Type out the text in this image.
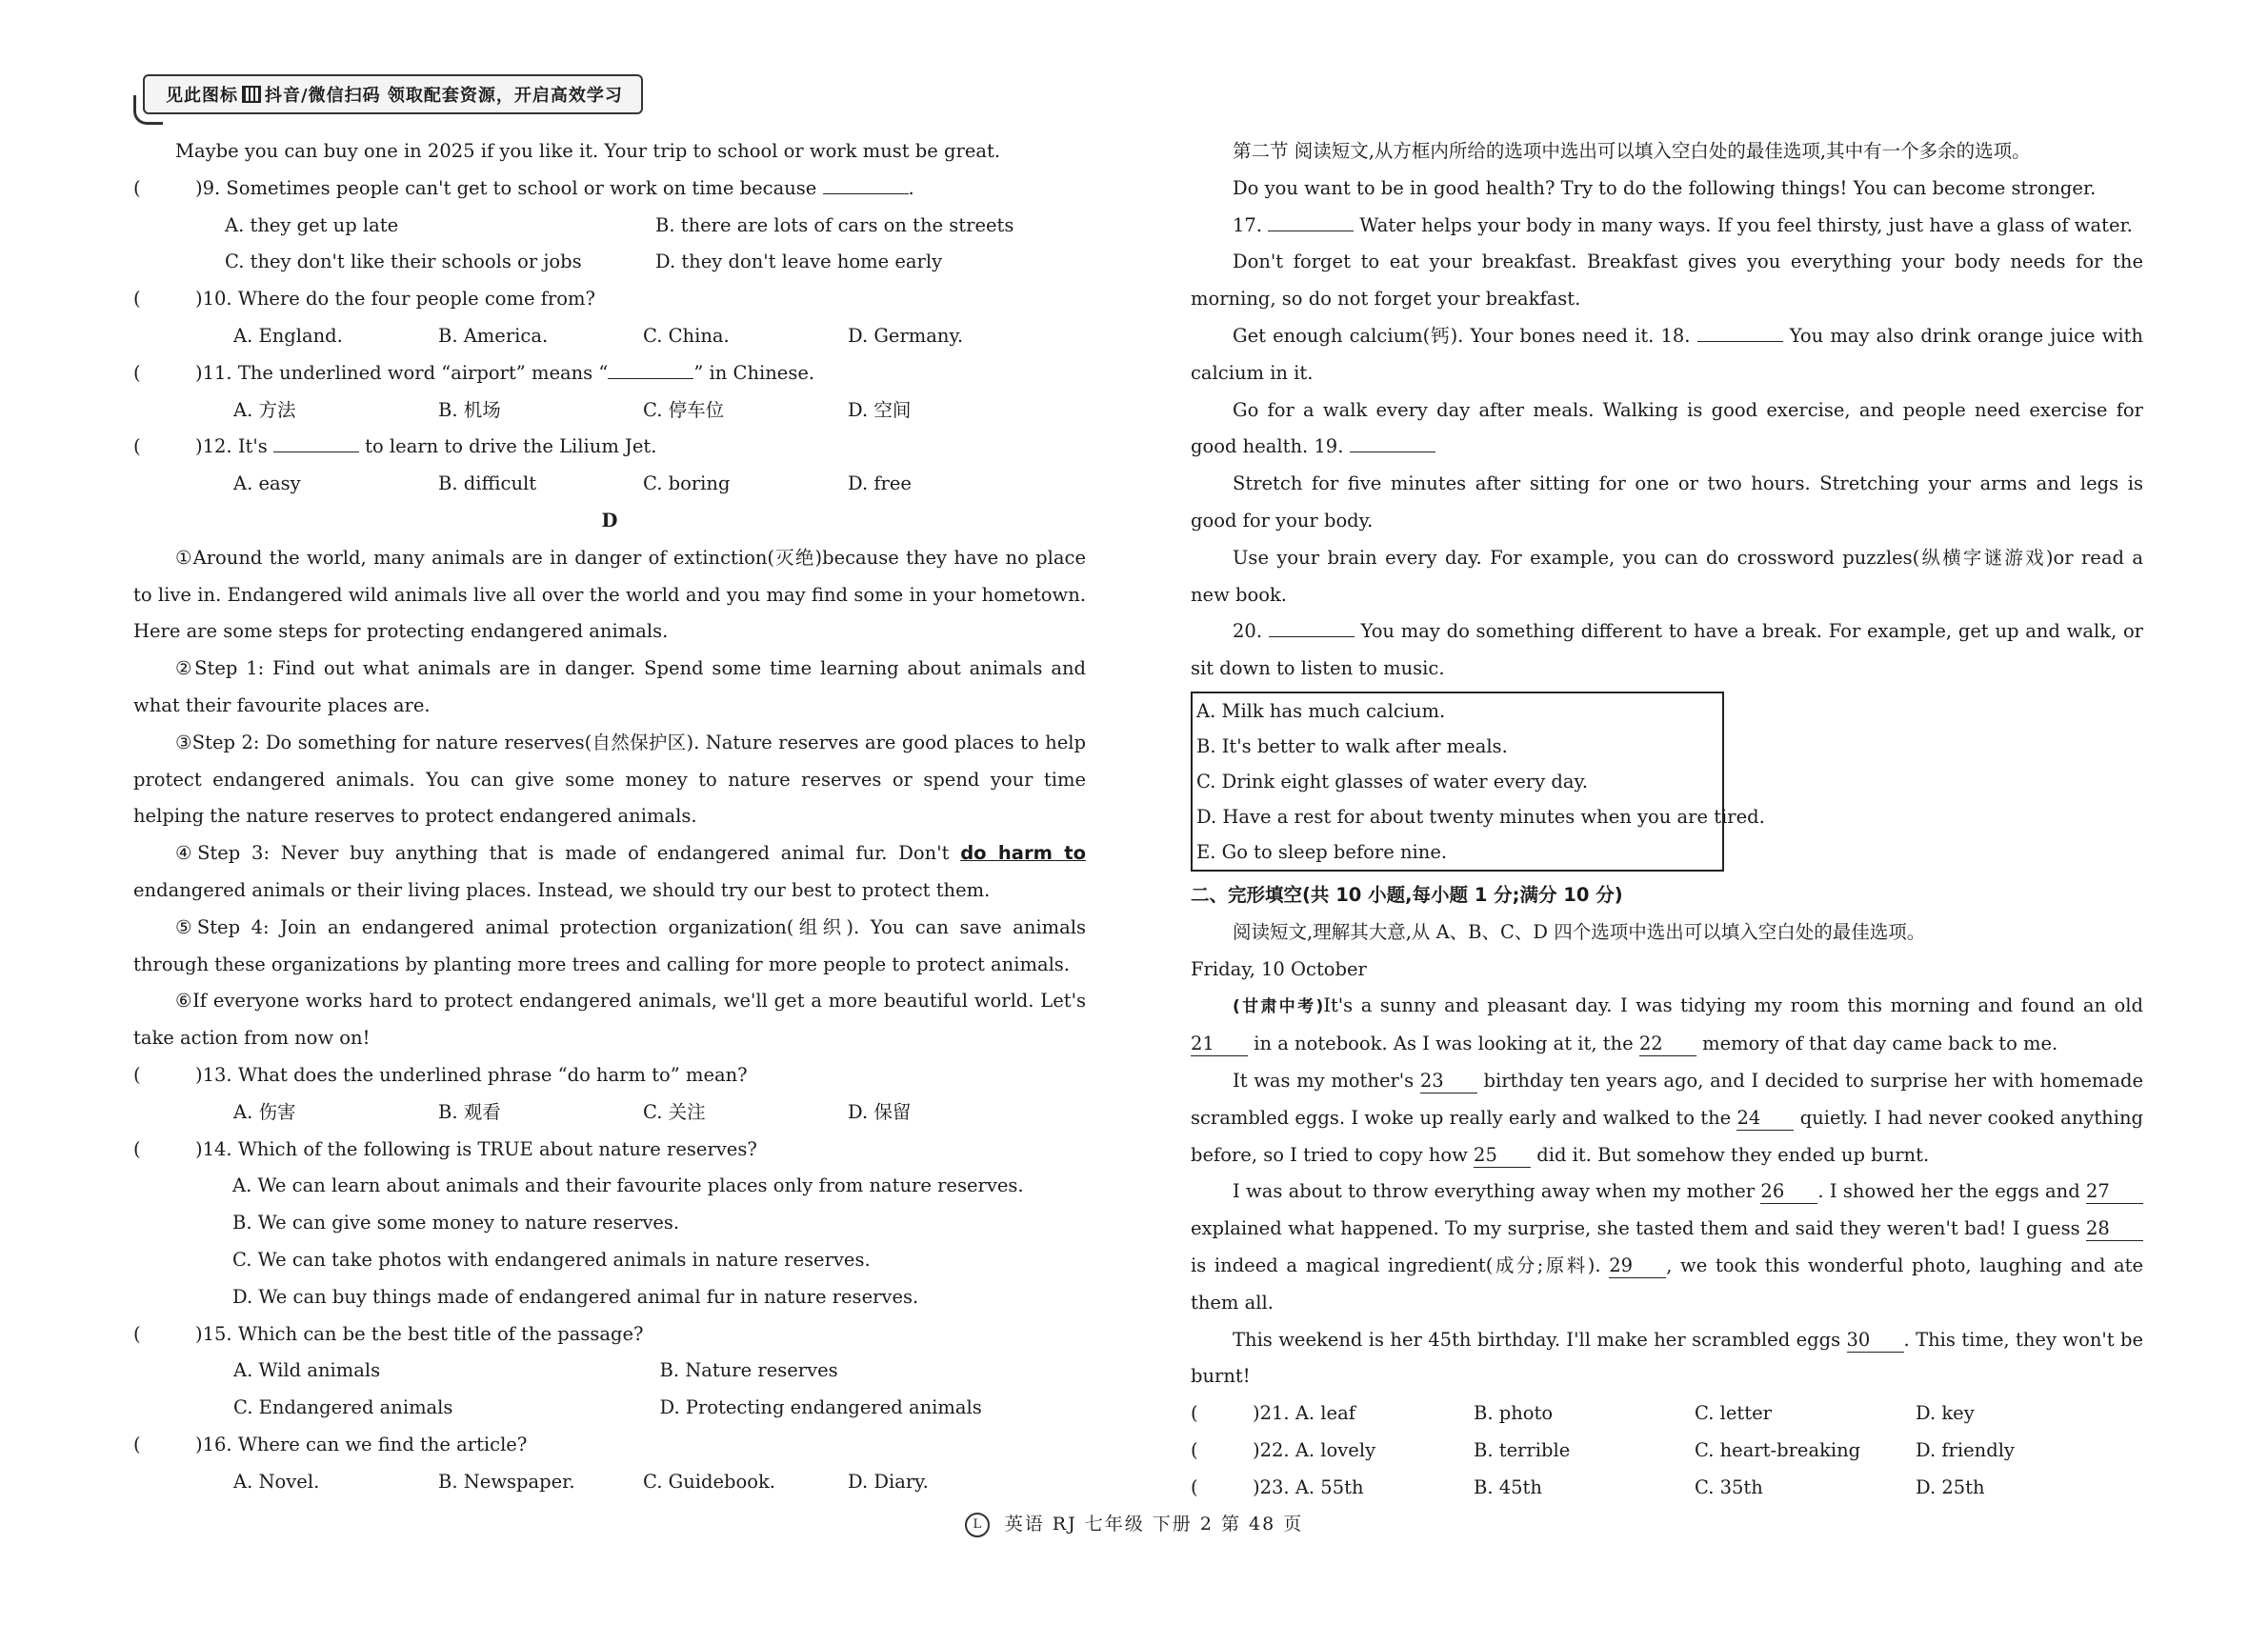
见此图标 抖音/微信扫码 领取配套资源，开启高效学习
Maybe you can buy one in 2025 if you like it. Your trip to school or work must be great.
(	)9. Sometimes people can't get to school or work on time because	.
A. they get up late	B. there are lots of cars on the streets
C. they don't like their schools or jobs	D. they don't leave home early
(	)10. Where do the four people come from?
A. England.	B. America.	C. China.	D. Germany.
(	)11. The underlined word “airport” means “	” in Chinese.
A. 方法	B. 机场	C. 停车位	D. 空间
(	)12. It's	to learn to drive the Lilium Jet.
A. easy	B. difficult	C. boring	D. free
D
①Around the world, many animals are in danger of extinction(灭绝)because they have no place to live in. Endangered wild animals live all over the world and you may find some in your hometown. Here are some steps for protecting endangered animals.
②Step 1: Find out what animals are in danger. Spend some time learning about animals and what their favourite places are.
③Step 2: Do something for nature reserves(自然保护区). Nature reserves are good places to help protect endangered animals. You can give some money to nature reserves or spend your time helping the nature reserves to protect endangered animals.
④Step 3: Never buy anything that is made of endangered animal fur. Don't do harm to endangered animals or their living places. Instead, we should try our best to protect them.
⑤Step 4: Join an endangered animal protection organization(组织). You can save animals through these organizations by planting more trees and calling for more people to protect animals.
⑥If everyone works hard to protect endangered animals, we'll get a more beautiful world. Let's take action from now on!
(	)13. What does the underlined phrase “do harm to” mean?
A. 伤害	B. 观看	C. 关注	D. 保留
(	)14. Which of the following is TRUE about nature reserves?
A. We can learn about animals and their favourite places only from nature reserves.
B. We can give some money to nature reserves.
C. We can take photos with endangered animals in nature reserves.
D. We can buy things made of endangered animal fur in nature reserves.
(	)15. Which can be the best title of the passage?
A. Wild animals	B. Nature reserves
C. Endangered animals	D. Protecting endangered animals
(	)16. Where can we find the article?
A. Novel.	B. Newspaper.	C. Guidebook.	D. Diary.
第二节 阅读短文,从方框内所给的选项中选出可以填入空白处的最佳选项,其中有一个多余的选项。
Do you want to be in good health? Try to do the following things! You can become stronger.
17.	Water helps your body in many ways. If you feel thirsty, just have a glass of water.
Don't forget to eat your breakfast. Breakfast gives you everything your body needs for the morning, so do not forget your breakfast.
Get enough calcium(钙). Your bones need it. 18.	You may also drink orange juice with calcium in it.
Go for a walk every day after meals. Walking is good exercise, and people need exercise for good health. 19.
Stretch for five minutes after sitting for one or two hours. Stretching your arms and legs is good for your body.
Use your brain every day. For example, you can do crossword puzzles(纵横字谜游戏)or read a new book.
20.	You may do something different to have a break. For example, get up and walk, or sit down to listen to music.
A. Milk has much calcium.
B. It's better to walk after meals.
C. Drink eight glasses of water every day.
D. Have a rest for about twenty minutes when you are tired.
E. Go to sleep before nine.
二、完形填空(共 10 小题,每小题 1 分;满分 10 分)
阅读短文,理解其大意,从 A、B、C、D 四个选项中选出可以填入空白处的最佳选项。
Friday, 10 October
(甘肃中考)It's a sunny and pleasant day. I was tidying my room this morning and found an old 21 in a notebook. As I was looking at it, the 22 memory of that day came back to me.
It was my mother's 23 birthday ten years ago, and I decided to surprise her with homemade scrambled eggs. I woke up really early and walked to the 24 quietly. I had never cooked anything before, so I tried to copy how 25 did it. But somehow they ended up burnt.
I was about to throw everything away when my mother 26 . I showed her the eggs and 27 explained what happened. To my surprise, she tasted them and said they weren't bad! I guess 28 is indeed a magical ingredient(成分;原料). 29 , we took this wonderful photo, laughing and ate them all.
This weekend is her 45th birthday. I'll make her scrambled eggs 30 . This time, they won't be burnt!
(	)21. A. leaf	B. photo	C. letter	D. key
(	)22. A. lovely	B. terrible	C. heart-breaking	D. friendly
(	)23. A. 55th	B. 45th	C. 35th	D. 25th
L 英语 RJ 七年级 下册 2 第 48 页
